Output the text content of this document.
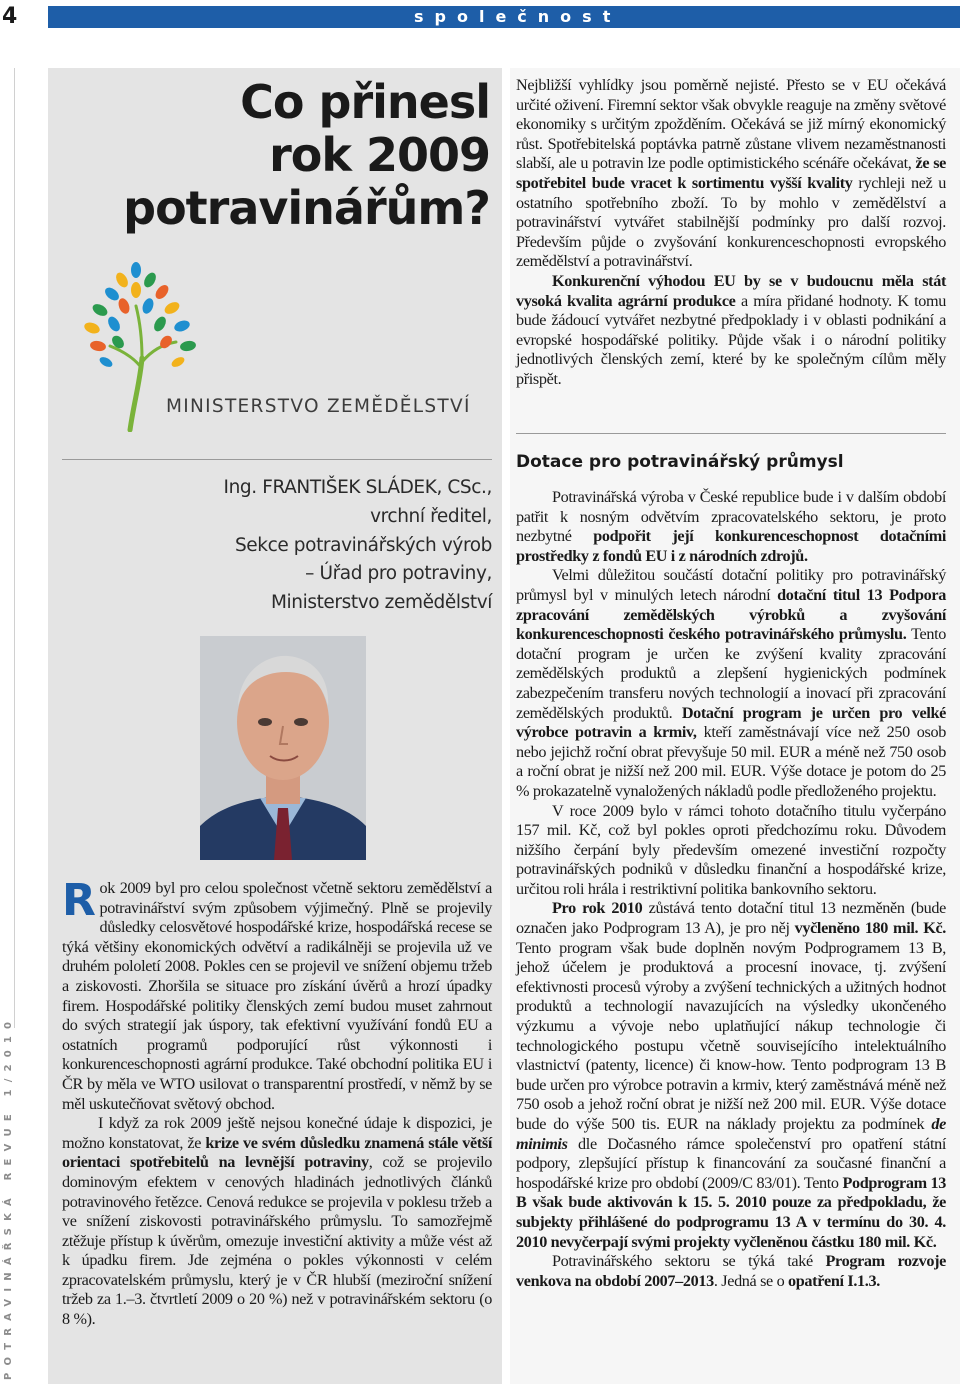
4	společnost
POTRAVINÁŘSKÁ REVUE 1/2010
Co přinesl
rok 2009
potravinářům?
MINISTERSTVO ZEMĚDĚLSTVÍ
Ing. FRANTIŠEK SLÁDEK, CSc.,
vrchní ředitel,
Sekce potravinářských výrob
– Úřad pro potraviny,
Ministerstvo zemědělství

Rok 2009 byl pro celou společnost včetně sektoru zemědělství a potravinářství svým způsobem výjimečný. Plně se projevily důsledky celosvětové hospodářské krize, hospodářská recese se týká většiny ekonomických odvětví a radikálněji se projevila už ve druhém pololetí 2008. Pokles cen se projevil ve snížení objemu tržeb a ziskovosti. Zhoršila se situace pro získání úvěrů a hrozí úpadky firem. Hospodářské politiky členských zemí budou muset zahrnout do svých strategií jak úspory, tak efektivní využívání fondů EU a ostatních programů podporující růst výkonnosti i konkurenceschopnosti agrární produkce. Také obchodní politika EU i ČR by měla ve WTO usilovat o transparentní prostředí, v němž by se měl uskutečňovat světový obchod.

I když za rok 2009 ještě nejsou konečné údaje k dispozici, je možno konstatovat, že krize ve svém důsledku znamená stále větší orientaci spotřebitelů na levnější potraviny, což se projevilo dominovým efektem v cenových hladinách jednotlivých článků potravinového řetězce. Cenová redukce se projevila v poklesu tržeb a ve snížení ziskovosti potravinářského průmyslu. To samozřejmě ztěžuje přístup k úvěrům, omezuje investiční aktivity a může vést až k úpadku firem. Jde zejména o pokles výkonnosti v celém zpracovatelském průmyslu, který je v ČR hlubší (meziroční snížení tržeb za 1.–3. čtvrtletí 2009 o 20 %) než v potravinářském sektoru (o 8 %).

Nejbližší vyhlídky jsou poměrně nejisté. Přesto se v EU očekává určité oživení. Firemní sektor však obvykle reaguje na změny světové ekonomiky s určitým zpožděním. Očekává se již mírný ekonomický růst. Spotřebitelská poptávka patrně zůstane vlivem nezaměstnanosti slabší, ale u potravin lze podle optimistického scénáře očekávat, že se spotřebitel bude vracet k sortimentu vyšší kvality rychleji než u ostatního spotřebního zboží. To by mohlo v zemědělství a potravinářství vytvářet stabilnější podmínky pro další rozvoj. Především půjde o zvyšování konkurenceschopnosti evropského zemědělství a potravinářství.

Konkurenční výhodou EU by se v budoucnu měla stát vysoká kvalita agrární produkce a míra přidané hodnoty. K tomu bude žádoucí vytvářet nezbytné předpoklady i v oblasti podnikání a evropské hospodářské politiky. Půjde však i o národní politiky jednotlivých členských zemí, které by ke společným cílům měly přispět.

Dotace pro potravinářský průmysl

Potravinářská výroba v České republice bude i v dalším období patřit k nosným odvětvím zpracovatelského sektoru, je proto nezbytné podpořit její konkurenceschopnost dotačními prostředky z fondů EU i z národních zdrojů.

Velmi důležitou součástí dotační politiky pro potravinářský průmysl byl v minulých letech národní dotační titul 13 Podpora zpracování zemědělských výrobků a zvyšování konkurenceschopnosti českého potravinářského průmyslu. Tento dotační program je určen ke zvýšení kvality zpracování zemědělských produktů a zlepšení hygienických podmínek zabezpečením transferu nových technologií a inovací při zpracování zemědělských produktů. Dotační program je určen pro velké výrobce potravin a krmiv, kteří zaměstnávají více než 250 osob nebo jejichž roční obrat převyšuje 50 mil. EUR a méně než 750 osob a roční obrat je nižší než 200 mil. EUR. Výše dotace je potom do 25 % prokazatelně vynaložených nákladů podle předloženého projektu.

V roce 2009 bylo v rámci tohoto dotačního titulu vyčerpáno 157 mil. Kč, což byl pokles oproti předchozímu roku. Důvodem nižšího čerpání byly především omezené investiční rozpočty potravinářských podniků v důsledku finanční a hospodářské krize, určitou roli hrála i restriktivní politika bankovního sektoru.

Pro rok 2010 zůstává tento dotační titul 13 nezměněn (bude označen jako Podprogram 13 A), je pro něj vyčleněno 180 mil. Kč. Tento program však bude doplněn novým Podprogramem 13 B, jehož účelem je produktová a procesní inovace, tj. zvýšení efektivnosti procesů výroby a zvýšení technických a užitných hodnot produktů a technologií navazujících na výsledky ukončeného výzkumu a vývoje nebo uplatňující nákup technologie či technologického postupu včetně souvisejícího intelektuálního vlastnictví (patenty, licence) či know-how. Tento podprogram 13 B bude určen pro výrobce potravin a krmiv, který zaměstnává méně než 750 osob a jehož roční obrat je nižší než 200 mil. EUR. Výše dotace bude do výše 500 tis. EUR na náklady projektu za podmínek de minimis dle Dočasného rámce společenství pro opatření státní podpory, zlepšující přístup k financování za současné finanční a hospodářské krize pro období (2009/C 83/01). Tento Podprogram 13 B však bude aktivován k 15. 5. 2010 pouze za předpokladu, že subjekty přihlášené do podprogramu 13 A v termínu do 30. 4. 2010 nevyčerpají svými projekty vyčleněnou částku 180 mil. Kč.

Potravinářského sektoru se týká také Program rozvoje venkova na období 2007–2013. Jedná se o opatření I.1.3.
